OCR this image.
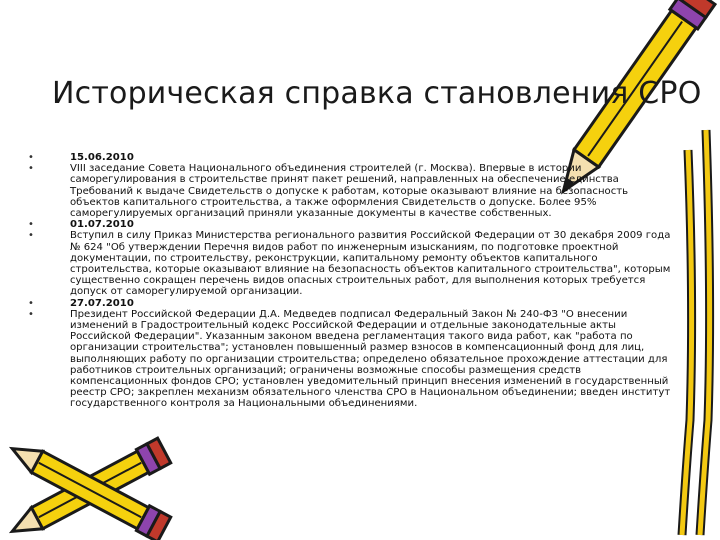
Историческая справка становления СРО
•	15.06.2010
•	VIII заседание Совета Национального объединения строителей (г. Москва). Впервые в истории саморегулирования в строительстве принят пакет решений, направленных на обеспечение единства Требований к выдаче Свидетельств о допуске к работам, которые оказывают влияние на безопасность объектов капитального строительства, а также оформления Свидетельств о допуске. Более 95% саморегулируемых организаций приняли указанные документы в качестве собственных.
•	01.07.2010
•	Вступил в силу Приказ Министерства регионального развития Российской Федерации от 30 декабря 2009 года № 624 "Об утверждении Перечня видов работ по инженерным изысканиям, по подготовке проектной документации, по строительству, реконструкции, капитальному ремонту объектов капитального строительства, которые оказывают влияние на безопасность объектов капитального строительства", которым существенно сокращен перечень видов опасных строительных работ, для выполнения которых требуется допуск от саморегулируемой организации.
•	27.07.2010
•	Президент Российской Федерации Д.А. Медведев подписал Федеральный Закон № 240-ФЗ "О внесении изменений в Градостроительный кодекс Российской Федерации и отдельные законодательные акты Российской Федерации". Указанным законом введена регламентация такого вида работ, как "работа по организации строительства"; установлен повышенный размер взносов в компенсационный фонд для лиц, выполняющих работу по организации строительства; определено обязательное прохождение аттестации для работников строительных организаций; ограничены возможные способы размещения средств компенсационных фондов СРО; установлен уведомительный принцип внесения изменений в государственный реестр СРО; закреплен механизм обязательного членства СРО в Национальном объединении; введен институт государственного контроля за Национальными объединениями.
